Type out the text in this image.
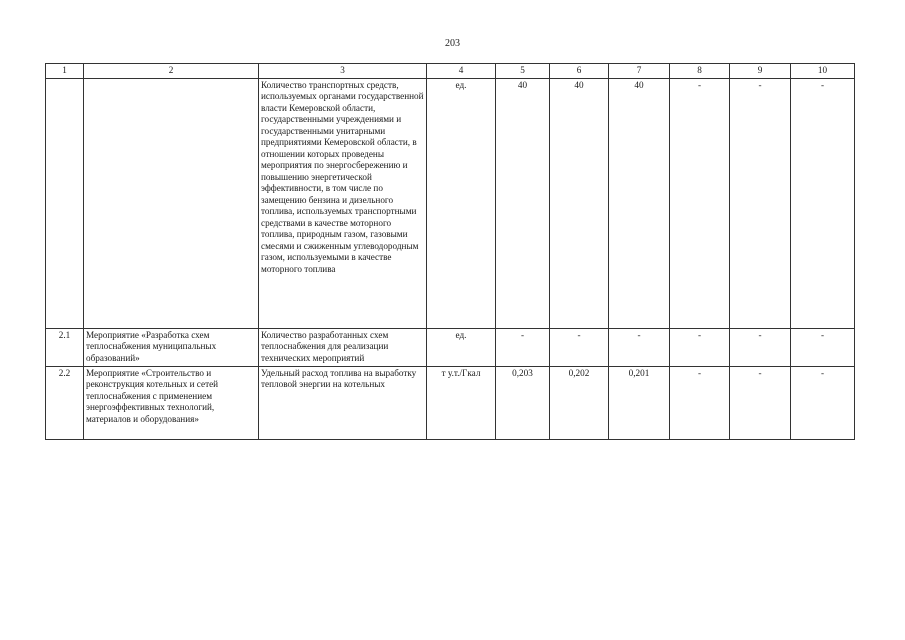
203
1	2	3	4	5	6	7	8	9	10
		Количество транспортных средств, используемых органами государственной власти Кемеровской области, государственными учреждениями и государственными унитарными предприятиями Кемеровской области, в отношении которых проведены мероприятия по энергосбережению и повышению энергетической эффективности, в том числе по замещению бензина и дизельного топлива, используемых транспортными средствами в качестве моторного топлива, природным газом, газовыми смесями и сжиженным углеводородным газом, используемыми в качестве моторного топлива	ед.	40	40	40	-	-	-
2.1	Мероприятие «Разработка схем теплоснабжения муниципальных образований»	Количество разработанных схем теплоснабжения для реализации технических мероприятий	ед.	-	-	-	-	-	-
2.2	Мероприятие «Строительство и реконструкция котельных и сетей теплоснабжения с применением энергоэффективных технологий, материалов и оборудования»	Удельный расход топлива на выработку тепловой энергии на котельных	т у.т./Гкал	0,203	0,202	0,201	-	-	-
